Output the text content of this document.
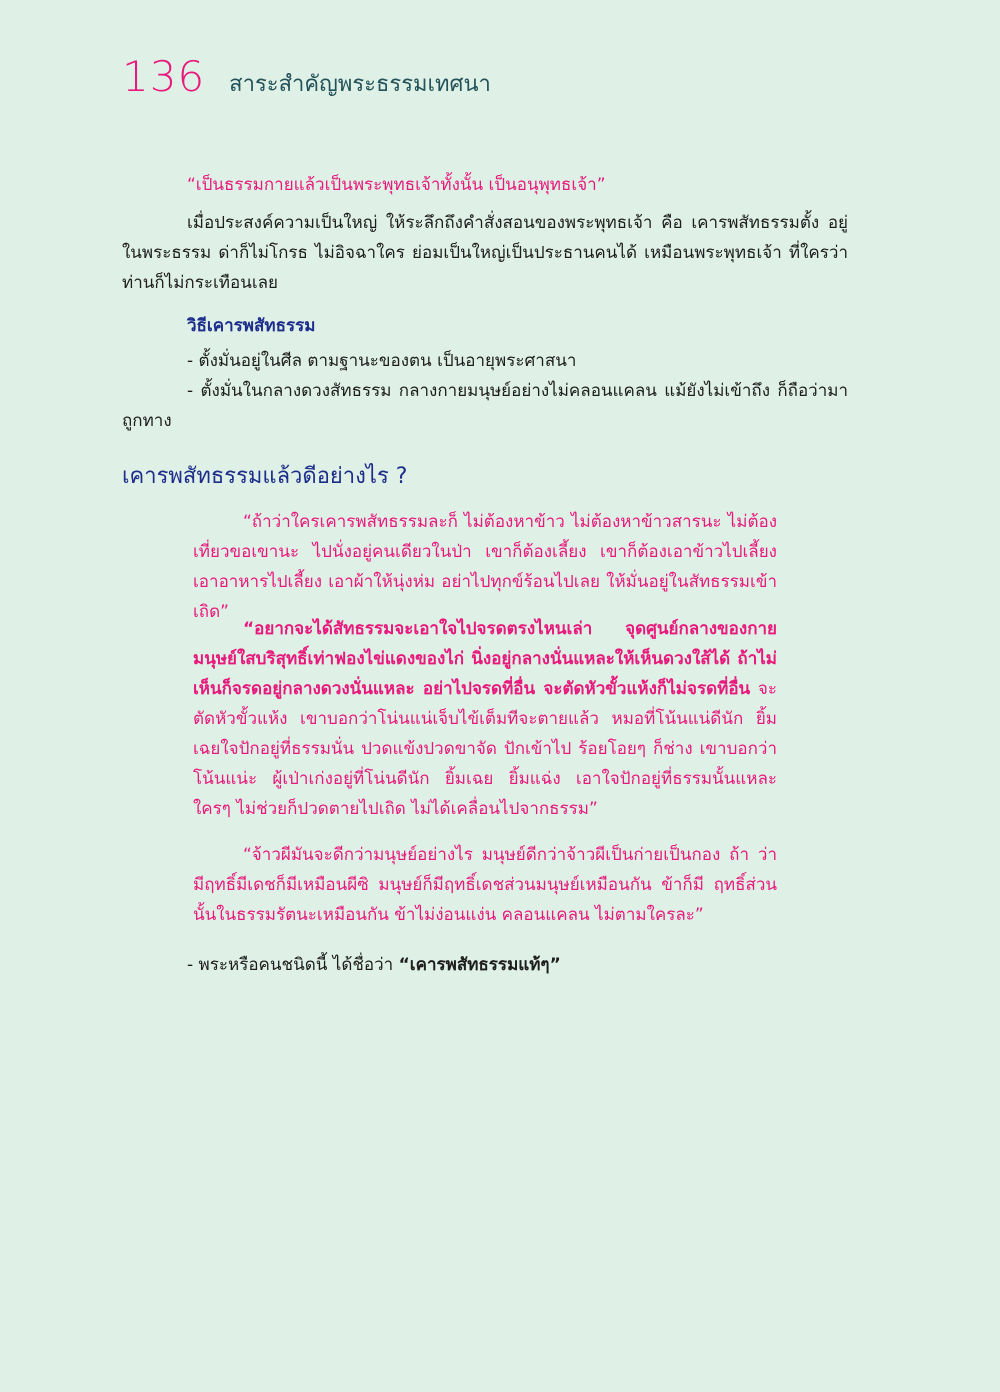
136 สาระสำคัญพระธรรมเทศนา
“เป็นธรรมกายแล้วเป็นพระพุทธเจ้าทั้งนั้น เป็นอนุพุทธเจ้า”
เมื่อประสงค์ความเป็นใหญ่ ให้ระลึกถึงคำสั่งสอนของพระพุทธเจ้า คือ เคารพสัทธรรมตั้ง อยู่ในพระธรรม ด่าก็ไม่โกรธ ไม่อิจฉาใคร ย่อมเป็นใหญ่เป็นประธานคนได้ เหมือนพระพุทธเจ้า ที่ใครว่าท่านก็ไม่กระเทือนเลย
วิธีเคารพสัทธรรม
- ตั้งมั่นอยู่ในศีล ตามฐานะของตน เป็นอายุพระศาสนา
- ตั้งมั่นในกลางดวงสัทธรรม กลางกายมนุษย์อย่างไม่คลอนแคลน แม้ยังไม่เข้าถึง ก็ถือว่ามาถูกทาง
เคารพสัทธรรมแล้วดีอย่างไร ?
“ถ้าว่าใครเคารพสัทธรรมละก็ ไม่ต้องหาข้าว ไม่ต้องหาข้าวสารนะ ไม่ต้องเที่ยวขอเขานะ ไปนั่งอยู่คนเดียวในป่า เขาก็ต้องเลี้ยง เขาก็ต้องเอาข้าวไปเลี้ยง เอาอาหารไปเลี้ยง เอาผ้าให้นุ่งห่ม อย่าไปทุกข์ร้อนไปเลย ให้มั่นอยู่ในสัทธรรมเข้าเถิด”
“อยากจะได้สัทธรรมจะเอาใจไปจรดตรงไหนเล่า จุดศูนย์กลางของกายมนุษย์ใสบริสุทธิ์เท่าฟองไข่แดงของไก่ นิ่งอยู่กลางนั่นแหละให้เห็นดวงใส้ได้ ถ้าไม่เห็นก็จรดอยู่กลางดวงนั่นแหละ อย่าไปจรดที่อื่น จะตัดหัวขั้วแห้งก็ไม่จรดที่อื่น จะตัดหัวขั้วแห้ง เขาบอกว่าโน่นแน่เจ็บไข้เต็มทีจะตายแล้ว หมอที่โน้นแน่ดีนัก ยิ้มเฉยใจปักอยู่ที่ธรรมนั่น ปวดแข้งปวดขาจัด ปักเข้าไป ร้อยโอยๆ ก็ช่าง เขาบอกว่าโน้นแน่ะ ผู้เป่าเก่งอยู่ที่โน่นดีนัก ยิ้มเฉย ยิ้มแฉ่ง เอาใจปักอยู่ที่ธรรมนั้นแหละ ใครๆ ไม่ช่วยก็ปวดตายไปเถิด ไม่ได้เคลื่อนไปจากธรรม”
“จ้าวผีมันจะดีกว่ามนุษย์อย่างไร มนุษย์ดีกว่าจ้าวผีเป็นก่ายเป็นกอง ถ้า ว่ามีฤทธิ์มีเดชก็มีเหมือนผีซิ มนุษย์ก็มีฤทธิ์เดชส่วนมนุษย์เหมือนกัน ข้าก็มี ฤทธิ์ส่วนนั้นในธรรมรัตนะเหมือนกัน ข้าไม่ง่อนแง่น คลอนแคลน ไม่ตามใครละ”
- พระหรือคนชนิดนี้ ได้ชื่อว่า “เคารพสัทธรรมแท้ๆ”
